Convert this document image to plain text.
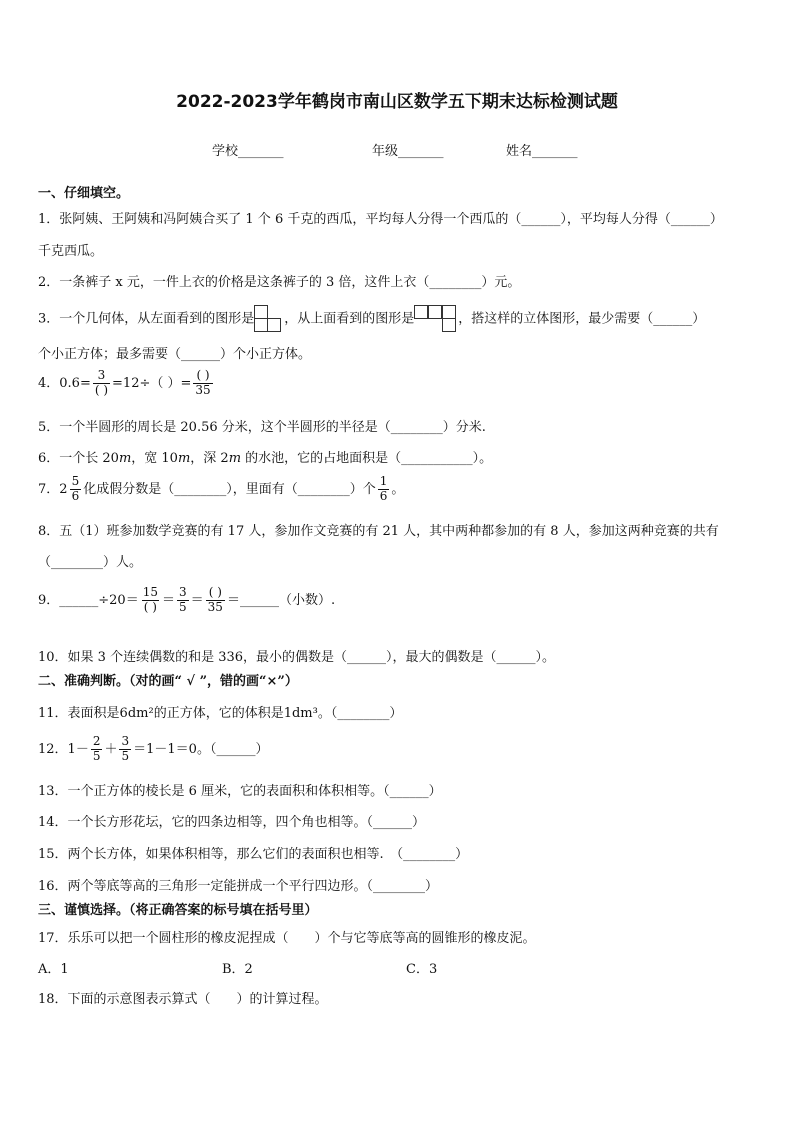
2022-2023学年鹤岗市南山区数学五下期末达标检测试题
学校_______	年级_______	姓名_______
一、仔细填空。
1．张阿姨、王阿姨和冯阿姨合买了 1 个 6 千克的西瓜，平均每人分得一个西瓜的（______），平均每人分得（______）
千克西瓜。
2．一条裤子 x 元，一件上衣的价格是这条裤子的 3 倍，这件上衣（________）元。
3．一个几何体，从左面看到的图形是 ，从上面看到的图形是	，搭这样的立体图形，最少需要（______）
个小正方体；最多需要（______）个小正方体。
4．$0.6= \frac{3}{( )} =12\div$（ ）= $\frac{( )}{35}$
5．一个半圆形的周长是 20.56 分米，这个半圆形的半径是（________）分米.
6．一个长 20m，宽 10m，深 2m 的水池，它的占地面积是（___________）。
7． $2 \frac{5}{6}$ 化成假分数是（________），里面有（________）个 $\frac{1}{6}$ 。
8．五（1）班参加数学竞赛的有 17 人，参加作文竞赛的有 21 人，其中两种都参加的有 8 人，参加这两种竞赛的共有
（________）人。
9．______÷20＝ $\frac{15}{( )} = \frac{3}{5} = \frac{( )}{35}$ ＝______（小数）.
10．如果 3 个连续偶数的和是 336，最小的偶数是（______），最大的偶数是（______）。
二、准确判断。（对的画“ √ ”，错的画“×”）
11．表面积是6dm²的正方体，它的体积是1dm³。（________）
12．$1- \frac{2}{5} + \frac{3}{5} =1-1=0$。（______）
13．一个正方体的棱长是 6 厘米，它的表面积和体积相等。（______）
14．一个长方形花坛，它的四条边相等，四个角也相等。（______）
15．两个长方体，如果体积相等，那么它们的表面积也相等.　（________）
16．两个等底等高的三角形一定能拼成一个平行四边形。（________）
三、谨慎选择。（将正确答案的标号填在括号里）
17．乐乐可以把一个圆柱形的橡皮泥捏成（　　）个与它等底等高的圆锥形的橡皮泥。
A．1	B．2	C．3
18．下面的示意图表示算式（　　）的计算过程。
